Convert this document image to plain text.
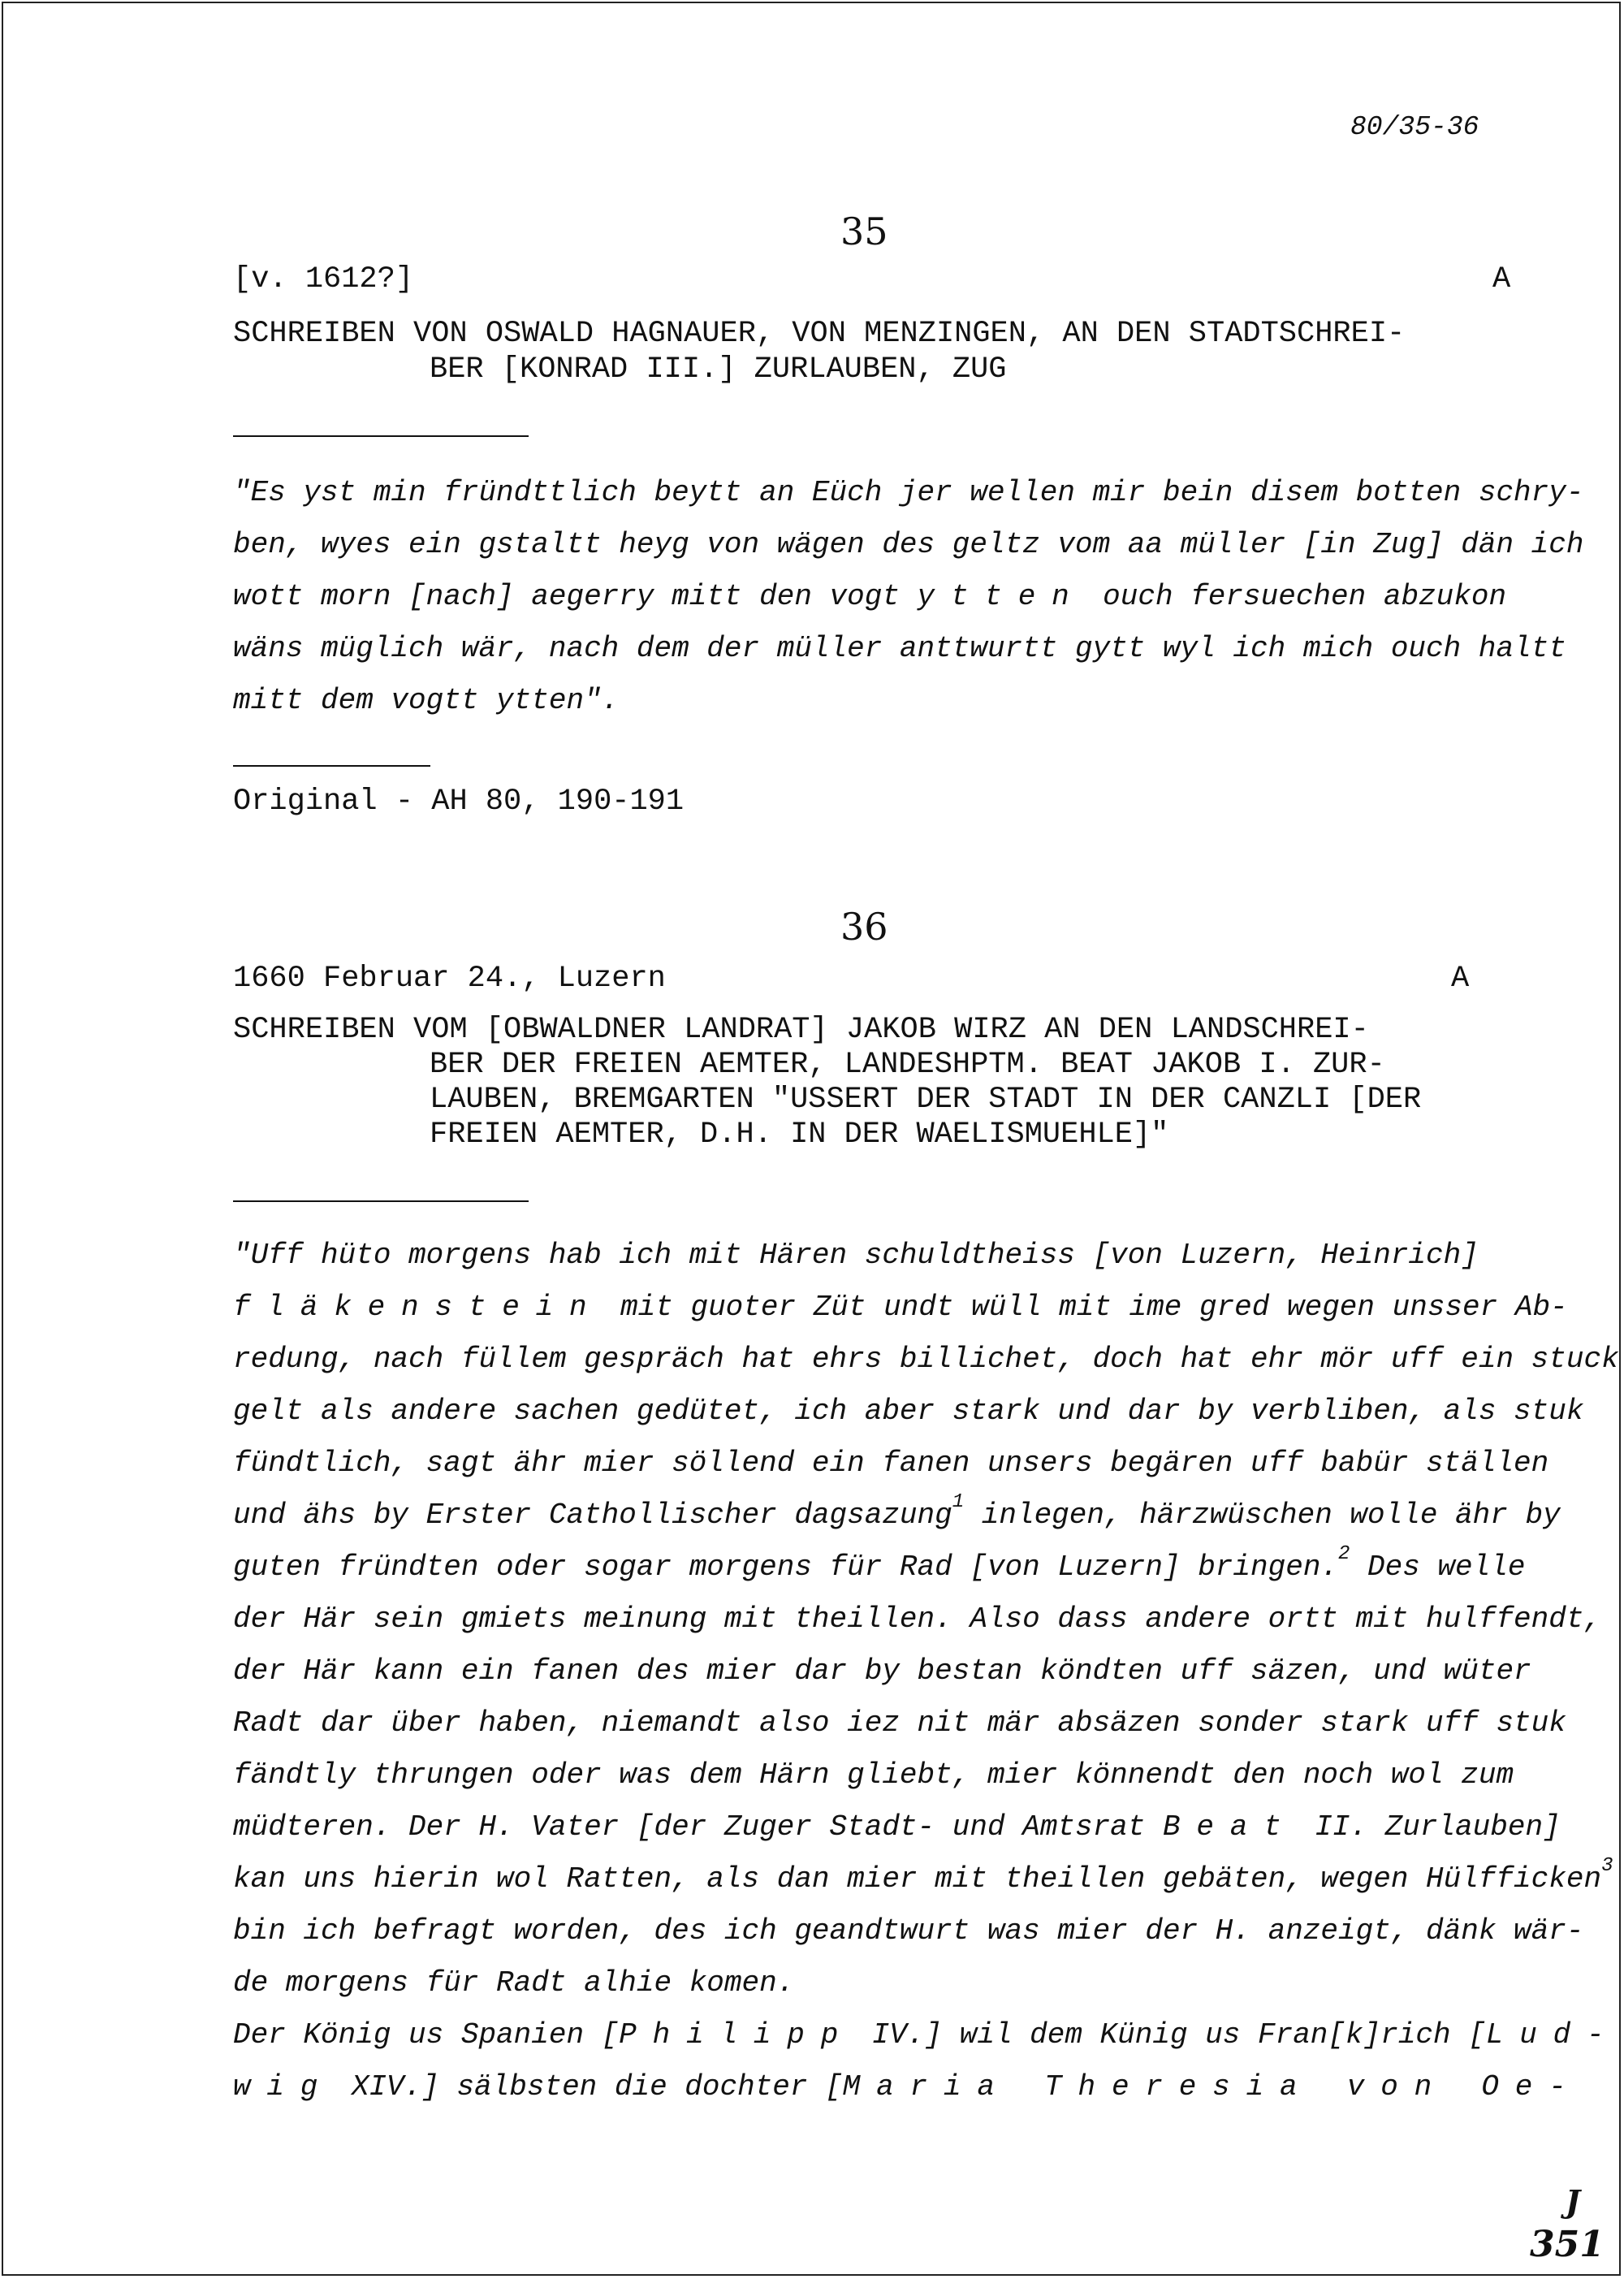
80/35-36
35
[v. 1612?]	A
SCHREIBEN VON OSWALD HAGNAUER, VON MENZINGEN, AN DEN STADTSCHREI-
BER [KONRAD III.] ZURLAUBEN, ZUG
"Es yst min fründttlich beytt an Eüch jer wellen mir bein disem botten schry-
ben, wyes ein gstaltt heyg von wägen des geltz vom aa müller [in Zug] dän ich
wott morn [nach] aegerry mitt den vogt ytten ouch fersuechen abzukon
wäns müglich wär, nach dem der müller anttwurtt gytt wyl ich mich ouch haltt
mitt dem vogtt ytten".
Original - AH 80, 190-191
36
1660 Februar 24., Luzern	A
SCHREIBEN VOM [OBWALDNER LANDRAT] JAKOB WIRZ AN DEN LANDSCHREI-
BER DER FREIEN AEMTER, LANDESHPTM. BEAT JAKOB I. ZUR-
LAUBEN, BREMGARTEN "USSERT DER STADT IN DER CANZLI [DER
FREIEN AEMTER, D.H. IN DER WAELISMUEHLE]"
"Uff hüto morgens hab ich mit Hären schuldtheiss [von Luzern, Heinrich]
fläkenstein mit guoter Züt undt wüll mit ime gred wegen unsser Ab-
redung, nach füllem gespräch hat ehrs billichet, doch hat ehr mör uff ein stuck
gelt als andere sachen gedütet, ich aber stark und dar by verbliben, als stuk
fündtlich, sagt ähr mier söllend ein fanen unsers begären uff babür ställen
und ähs by Erster Cathollischer dagsazung$^1$ inlegen, härzwüschen wolle ähr by
guten fründten oder sogar morgens für Rad [von Luzern] bringen.$^2$ Des welle
der Här sein gmiets meinung mit theillen. Also dass andere ortt mit hulffendt,
der Här kann ein fanen des mier dar by bestan köndten uff säzen, und wüter
Radt dar über haben, niemandt also iez nit mär absäzen sonder stark uff stuk
fändtly thrungen oder was dem Härn gliebt, mier könnendt den noch wol zum
müdteren. Der H. Vater [der Zuger Stadt- und Amtsrat Beat II. Zurlauben]
kan uns hierin wol Ratten, als dan mier mit theillen gebäten, wegen Hülfficken$^3$
bin ich befragt worden, des ich geandtwurt was mier der H. anzeigt, dänk wär-
de morgens für Radt alhie komen.
Der König us Spanien [Philipp IV.] wil dem Künig us Fran[k]rich [Lud-
wig XIV.] sälbsten die dochter [Maria Theresia von Oe-
J
351
